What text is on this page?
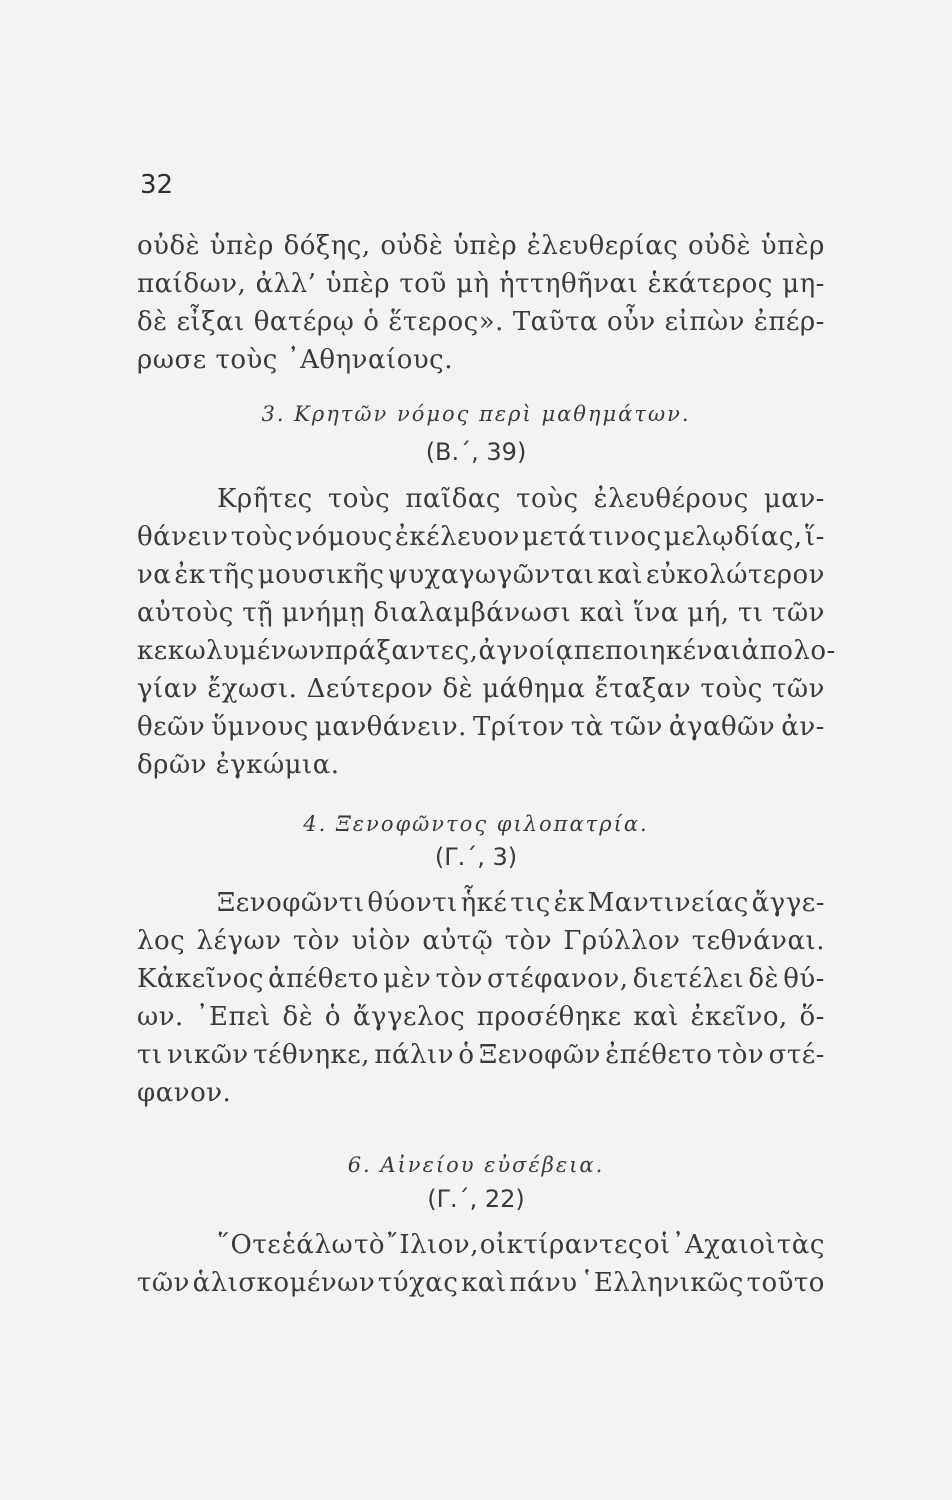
32
οὐδὲ ὑπὲρ δόξης, οὐδὲ ὑπὲρ ἐλευθερίας οὐδὲ ὑπὲρ
παίδων, ἀλλ’ ὑπὲρ τοῦ μὴ ἡττηθῆναι ἑκάτερος μη-
δὲ εἶξαι θατέρῳ ὁ ἕτερος». Ταῦτα οὖν εἰπὼν ἐπέρ-
ρωσε τοὺς ᾿Αθηναίους.
3. Κρητῶν νόμος περὶ μαθημάτων.
(Β.΄, 39)
Κρῆτες τοὺς παῖδας τοὺς ἐλευθέρους μαν-
θάνειν τοὺς νόμους ἐκέλευον μετά τινος μελῳδίας, ἵ-
να ἐκ τῆς μουσικῆς ψυχαγωγῶνται καὶ εὐκολώτερον
αὐτοὺς τῇ μνήμῃ διαλαμβάνωσι καὶ ἵνα μή, τι τῶν
κεκωλυμένων πράξαντες, ἀγνοίᾳ πεποιηκέναι ἀπολο-
γίαν ἔχωσι. Δεύτερον δὲ μάθημα ἔταξαν τοὺς τῶν
θεῶν ὕμνους μανθάνειν. Τρίτον τὰ τῶν ἀγαθῶν ἀν-
δρῶν ἐγκώμια.
4. Ξενοφῶντος φιλοπατρία.
(Γ.΄, 3)
Ξενοφῶντι θύοντι ἧκέ τις ἐκ Μαντινείας ἄγγε-
λος λέγων τὸν υἱὸν αὐτῷ τὸν Γρύλλον τεθνάναι.
Κἀκεῖνος ἀπέθετο μὲν τὸν στέφανον, διετέλει δὲ θύ-
ων. ᾿Επεὶ δὲ ὁ ἄγγελος προσέθηκε καὶ ἐκεῖνο, ὅ-
τι νικῶν τέθνηκε, πάλιν ὁ Ξενοφῶν ἐπέθετο τὸν στέ-
φανον.
6. Αἰνείου εὐσέβεια.
(Γ.΄, 22)
῞Οτε ἑάλω τὸ ῎Ιλιον, οἰκτίραντες οἱ ᾿Αχαιοὶ τὰς
τῶν ἁλισκομένων τύχας καὶ πάνυ ῾Ελληνικῶς τοῦτο
